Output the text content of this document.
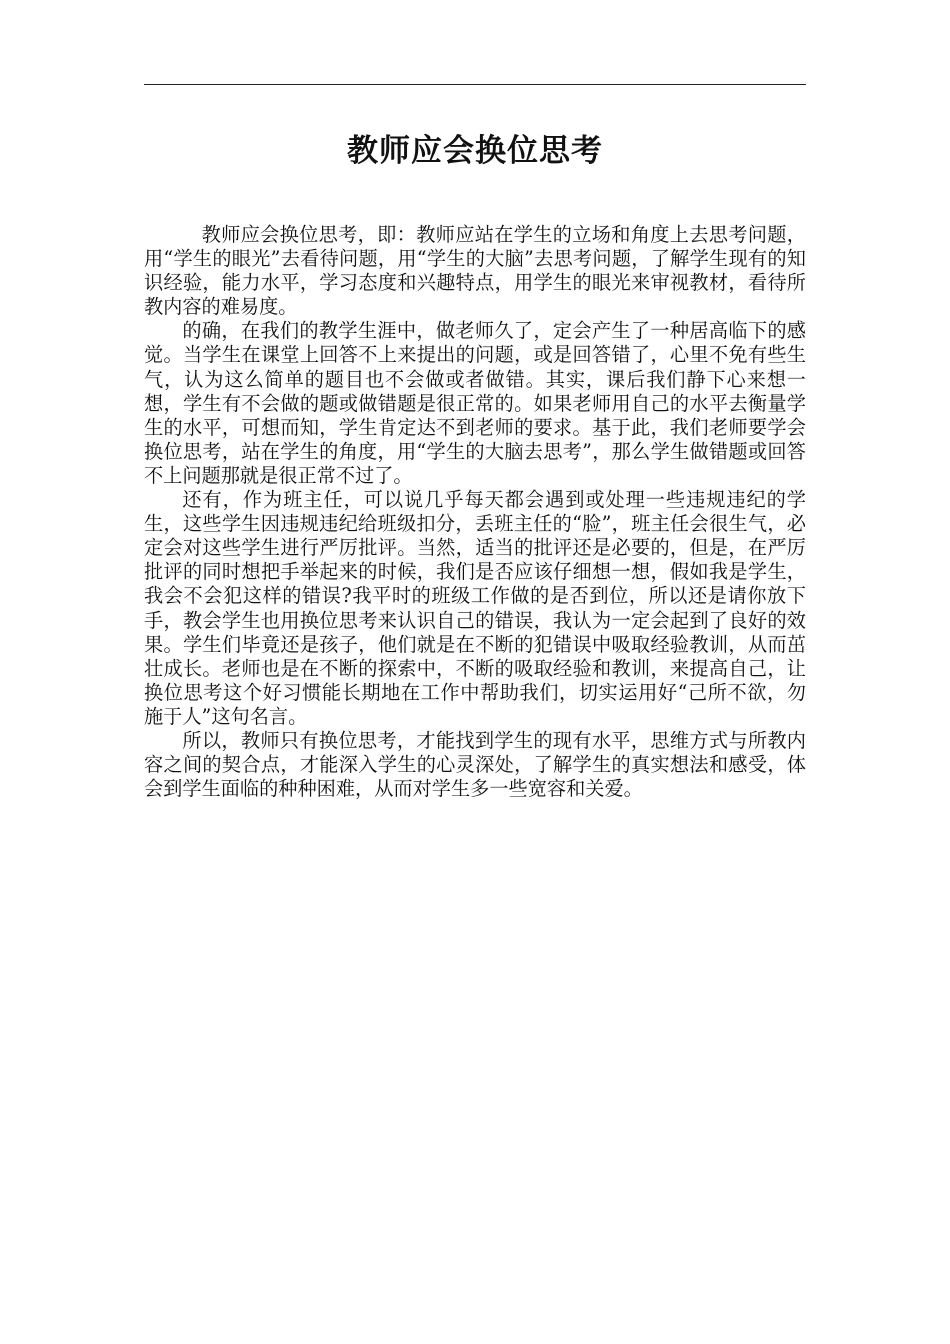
教师应会换位思考

教师应会换位思考，即：教师应站在学生的立场和角度上去思考问题，用“学生的眼光”去看待问题，用“学生的大脑”去思考问题，了解学生现有的知识经验，能力水平，学习态度和兴趣特点，用学生的眼光来审视教材，看待所教内容的难易度。

的确，在我们的教学生涯中，做老师久了，定会产生了一种居高临下的感觉。当学生在课堂上回答不上来提出的问题，或是回答错了，心里不免有些生气，认为这么简单的题目也不会做或者做错。其实，课后我们静下心来想一想，学生有不会做的题或做错题是很正常的。如果老师用自己的水平去衡量学生的水平，可想而知，学生肯定达不到老师的要求。基于此，我们老师要学会换位思考，站在学生的角度，用“学生的大脑去思考”，那么学生做错题或回答不上问题那就是很正常不过了。

还有，作为班主任，可以说几乎每天都会遇到或处理一些违规违纪的学生，这些学生因违规违纪给班级扣分，丢班主任的“脸”，班主任会很生气，必定会对这些学生进行严厉批评。当然，适当的批评还是必要的，但是，在严厉批评的同时想把手举起来的时候，我们是否应该仔细想一想，假如我是学生，我会不会犯这样的错误?我平时的班级工作做的是否到位，所以还是请你放下手，教会学生也用换位思考来认识自己的错误，我认为一定会起到了良好的效果。学生们毕竟还是孩子，他们就是在不断的犯错误中吸取经验教训，从而茁壮成长。老师也是在不断的探索中，不断的吸取经验和教训，来提高自己，让换位思考这个好习惯能长期地在工作中帮助我们，切实运用好“己所不欲，勿施于人”这句名言。

所以，教师只有换位思考，才能找到学生的现有水平，思维方式与所教内容之间的契合点，才能深入学生的心灵深处，了解学生的真实想法和感受，体会到学生面临的种种困难，从而对学生多一些宽容和关爱。
